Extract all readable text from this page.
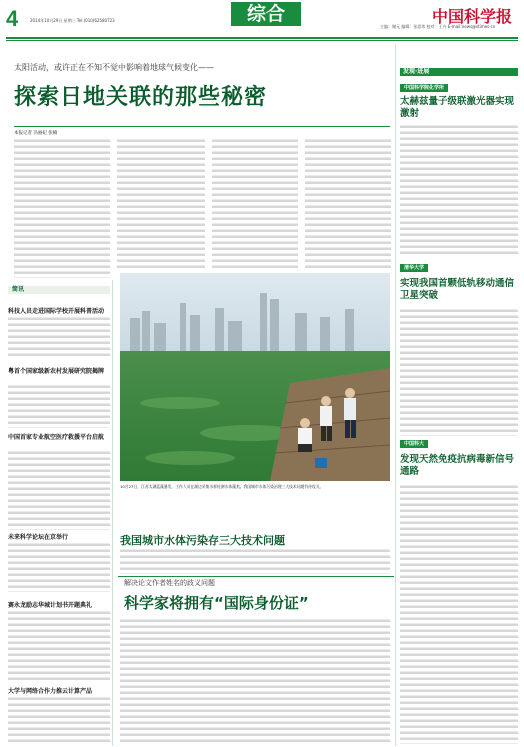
4	2014年10月29日 星期三 Tel:(010)62580723	综合	中国科学报
主编：谢元 编辑：张思玮 校对：王卉 E-mail:news@stimes.cn
太阳活动，或许正在不知不觉中影响着地球气候变化——
探索日地关联的那些秘密
本报记者 冯丽妃 张楠
简讯
科技人员走进国际学校开展科普活动
粤首个国家级新农村发展研究院揭牌
中国首家专业航空医疗救援平台启航
未来科学论坛在京举行
赛永龙励志华城计划书开题典礼
大学与网络合作力推云计算产品
10月27日，江苏太湖蓝藻暴发，工作人员在湖边采集水样检测水体藻类。我国城市水体污染治理三大技术问题有待攻关。
我国城市水体污染存三大技术问题
解决论文作者姓名的歧义问题
科学家将拥有“国际身份证”
发现·进展
中国科学院化学所
太赫兹量子级联激光器实现激射
清华大学
实现我国首颗低轨移动通信卫星突破
中国科大
发现天然免疫抗病毒新信号通路
